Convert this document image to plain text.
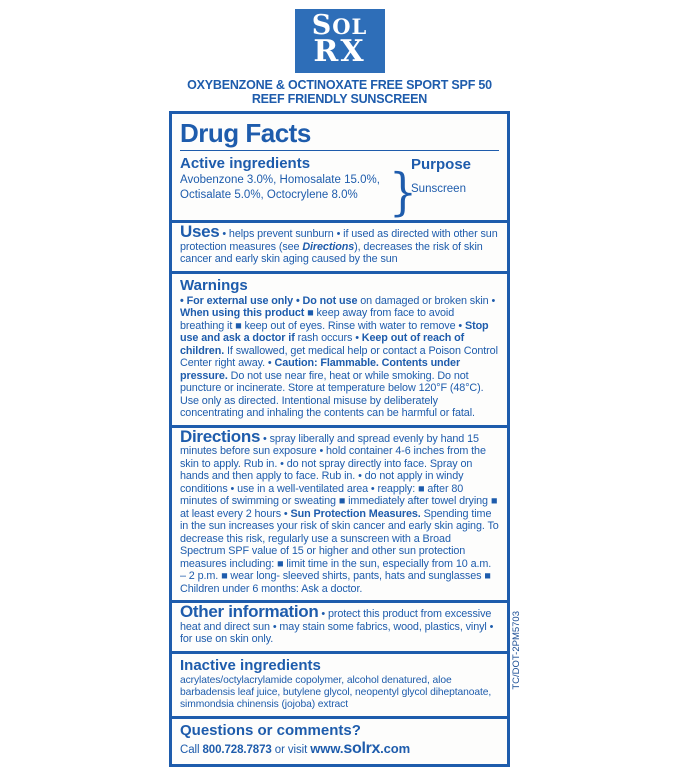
SOL
RX
OXYBENZONE & OCTINOXATE FREE SPORT SPF 50
REEF FRIENDLY SUNSCREEN
Drug Facts
Active ingredients
Avobenzone 3.0%, Homosalate 15.0%,
Octisalate 5.0%, Octocrylene 8.0% }
Purpose
Sunscreen
Uses • helps prevent sunburn • if used as directed with other sun protection measures (see Directions), decreases the risk of skin cancer and early skin aging caused by the sun
Warnings
• For external use only • Do not use on damaged or broken skin • When using this product ■ keep away from face to avoid breathing it ■ keep out of eyes. Rinse with water to remove • Stop use and ask a doctor if rash occurs • Keep out of reach of children. If swallowed, get medical help or contact a Poison Control Center right away. • Caution: Flammable. Contents under pressure. Do not use near fire, heat or while smoking. Do not puncture or incinerate. Store at temperature below 120°F (48°C). Use only as directed. Intentional misuse by deliberately concentrating and inhaling the contents can be harmful or fatal.
Directions • spray liberally and spread evenly by hand 15 minutes before sun exposure • hold container 4-6 inches from the skin to apply. Rub in. • do not spray directly into face. Spray on hands and then apply to face. Rub in. • do not apply in windy conditions • use in a well-ventilated area • reapply: ■ after 80 minutes of swimming or sweating ■ immediately after towel drying ■ at least every 2 hours • Sun Protection Measures. Spending time in the sun increases your risk of skin cancer and early skin aging. To decrease this risk, regularly use a sunscreen with a Broad Spectrum SPF value of 15 or higher and other sun protection measures including: ■ limit time in the sun, especially from 10 a.m. – 2 p.m. ■ wear long- sleeved shirts, pants, hats and sunglasses ■ Children under 6 months: Ask a doctor.
Other information • protect this product from excessive heat and direct sun • may stain some fabrics, wood, plastics, vinyl • for use on skin only.
Inactive ingredients
acrylates/octylacrylamide copolymer, alcohol denatured, aloe barbadensis leaf juice, butylene glycol, neopentyl glycol diheptanoate, simmondsia chinensis (jojoba) extract
Questions or comments?
Call 800.728.7873 or visit www.solrx.com
TC/DOT-2PM5703
